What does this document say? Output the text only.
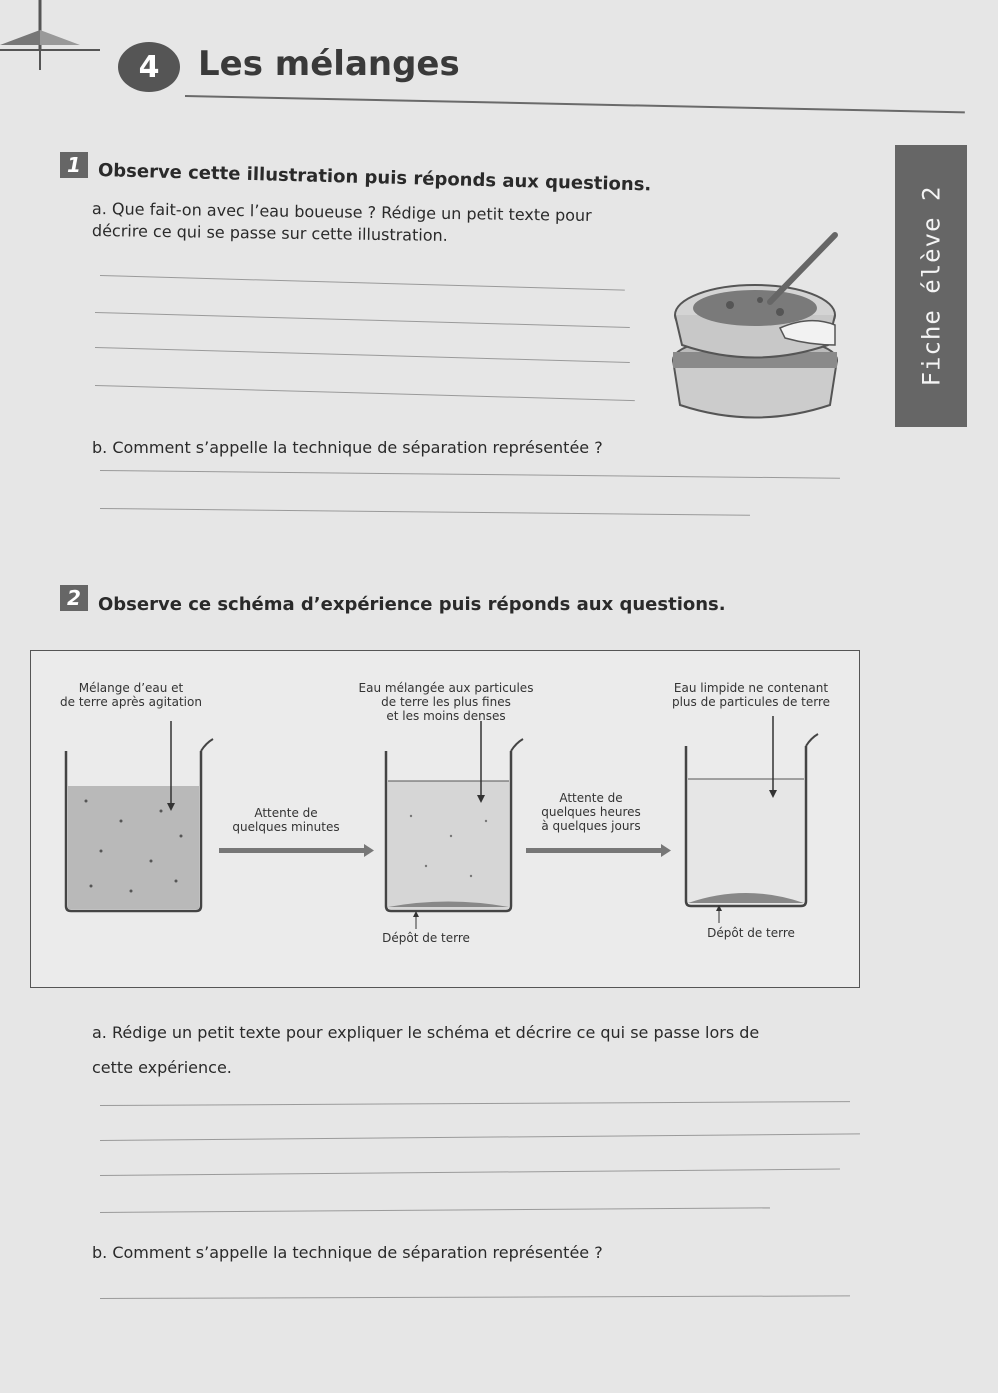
4	Les mélanges
Fiche élève 2
1 Observe cette illustration puis réponds aux questions.
a. Que fait-on avec l’eau boueuse ? Rédige un petit texte pour
décrire ce qui se passe sur cette illustration.
b. Comment s’appelle la technique de séparation représentée ?
2 Observe ce schéma d’expérience puis réponds aux questions.
Mélange d’eau et
de terre après agitation
Eau mélangée aux particules
de terre les plus fines
et les moins denses
Eau limpide ne contenant
plus de particules de terre
Attente de
quelques minutes
Attente de
quelques heures
à quelques jours
Dépôt de terre	Dépôt de terre
a. Rédige un petit texte pour expliquer le schéma et décrire ce qui se passe lors de
cette expérience.
b. Comment s’appelle la technique de séparation représentée ?
